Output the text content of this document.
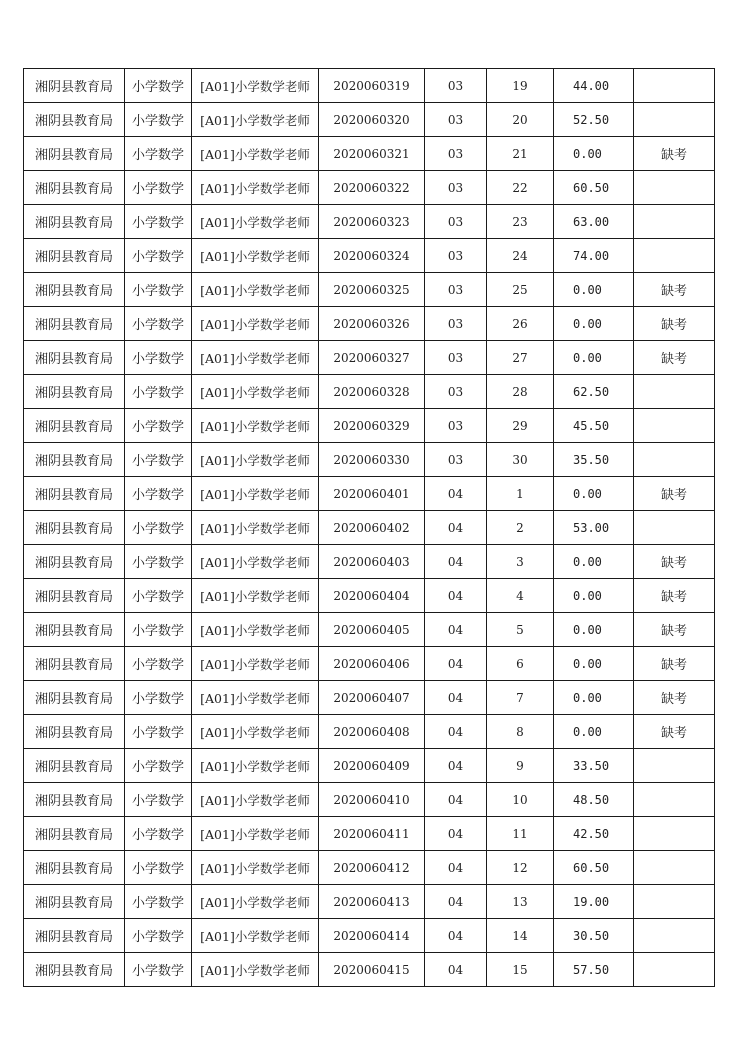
湘阴县教育局	小学数学	[A01]小学数学老师	2020060319	03	19	44.00	
湘阴县教育局	小学数学	[A01]小学数学老师	2020060320	03	20	52.50	
湘阴县教育局	小学数学	[A01]小学数学老师	2020060321	03	21	0.00	缺考
湘阴县教育局	小学数学	[A01]小学数学老师	2020060322	03	22	60.50	
湘阴县教育局	小学数学	[A01]小学数学老师	2020060323	03	23	63.00	
湘阴县教育局	小学数学	[A01]小学数学老师	2020060324	03	24	74.00	
湘阴县教育局	小学数学	[A01]小学数学老师	2020060325	03	25	0.00	缺考
湘阴县教育局	小学数学	[A01]小学数学老师	2020060326	03	26	0.00	缺考
湘阴县教育局	小学数学	[A01]小学数学老师	2020060327	03	27	0.00	缺考
湘阴县教育局	小学数学	[A01]小学数学老师	2020060328	03	28	62.50	
湘阴县教育局	小学数学	[A01]小学数学老师	2020060329	03	29	45.50	
湘阴县教育局	小学数学	[A01]小学数学老师	2020060330	03	30	35.50	
湘阴县教育局	小学数学	[A01]小学数学老师	2020060401	04	1	0.00	缺考
湘阴县教育局	小学数学	[A01]小学数学老师	2020060402	04	2	53.00	
湘阴县教育局	小学数学	[A01]小学数学老师	2020060403	04	3	0.00	缺考
湘阴县教育局	小学数学	[A01]小学数学老师	2020060404	04	4	0.00	缺考
湘阴县教育局	小学数学	[A01]小学数学老师	2020060405	04	5	0.00	缺考
湘阴县教育局	小学数学	[A01]小学数学老师	2020060406	04	6	0.00	缺考
湘阴县教育局	小学数学	[A01]小学数学老师	2020060407	04	7	0.00	缺考
湘阴县教育局	小学数学	[A01]小学数学老师	2020060408	04	8	0.00	缺考
湘阴县教育局	小学数学	[A01]小学数学老师	2020060409	04	9	33.50	
湘阴县教育局	小学数学	[A01]小学数学老师	2020060410	04	10	48.50	
湘阴县教育局	小学数学	[A01]小学数学老师	2020060411	04	11	42.50	
湘阴县教育局	小学数学	[A01]小学数学老师	2020060412	04	12	60.50	
湘阴县教育局	小学数学	[A01]小学数学老师	2020060413	04	13	19.00	
湘阴县教育局	小学数学	[A01]小学数学老师	2020060414	04	14	30.50	
湘阴县教育局	小学数学	[A01]小学数学老师	2020060415	04	15	57.50	
